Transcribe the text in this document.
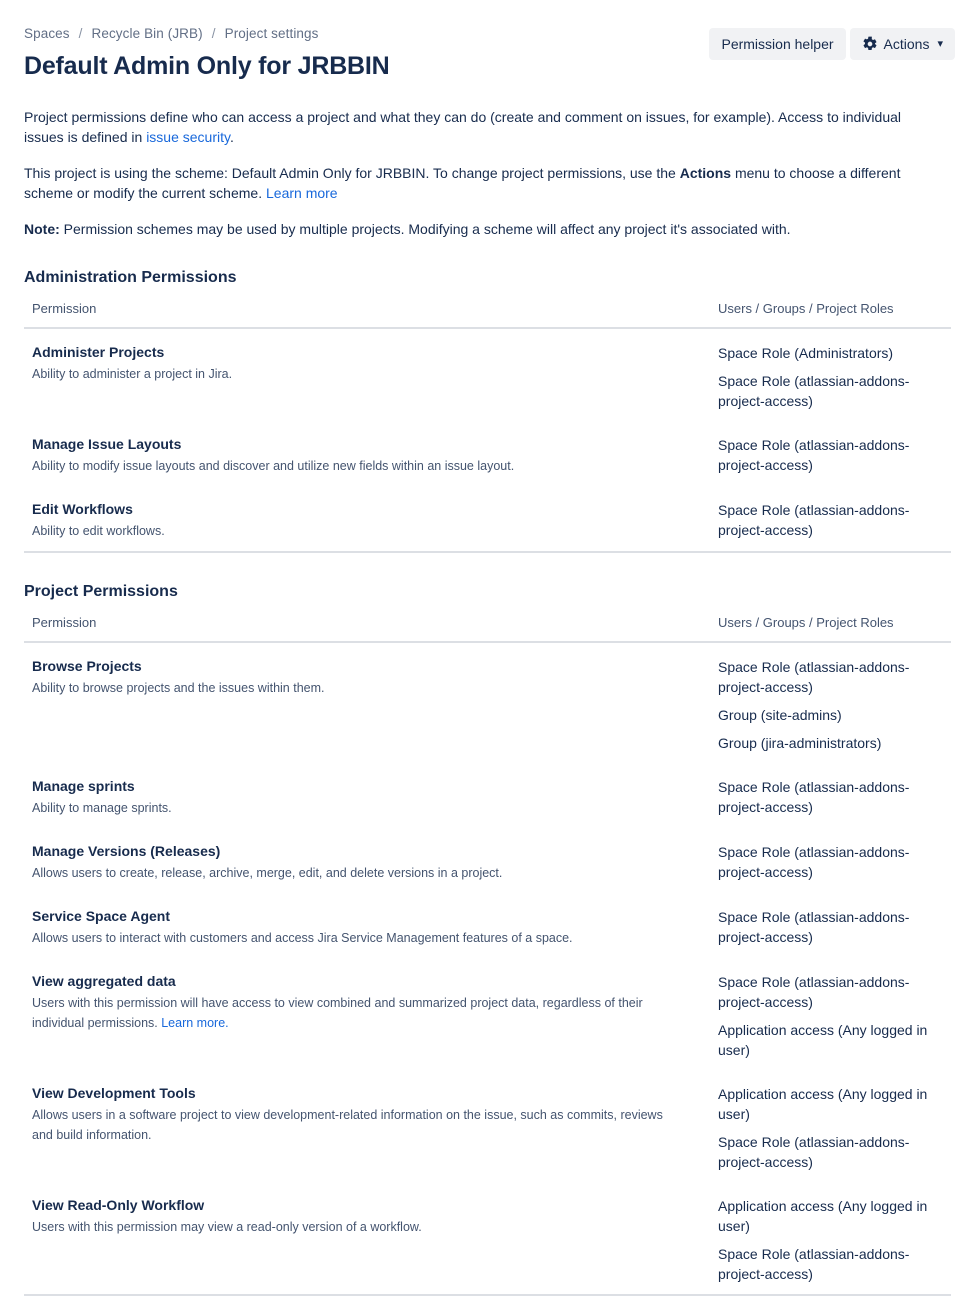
Spaces / Recycle Bin (JRB) / Project settings
Default Admin Only for JRBBIN
Permission helper	Actions ▾

Project permissions define who can access a project and what they can do (create and comment on issues, for example). Access to individual issues is defined in issue security.

This project is using the scheme: Default Admin Only for JRBBIN. To change project permissions, use the Actions menu to choose a different scheme or modify the current scheme. Learn more

Note: Permission schemes may be used by multiple projects. Modifying a scheme will affect any project it's associated with.

Administration Permissions
Permission	Users / Groups / Project Roles

Administer Projects
Ability to administer a project in Jira.

Space Role (Administrators)
Space Role (atlassian-addons-project-access)

Manage Issue Layouts
Ability to modify issue layouts and discover and utilize new fields within an issue layout.

Space Role (atlassian-addons-project-access)

Edit Workflows
Ability to edit workflows.

Space Role (atlassian-addons-project-access)
Project Permissions
Permission	Users / Groups / Project Roles

Browse Projects
Ability to browse projects and the issues within them.

Space Role (atlassian-addons-project-access)
Group (site-admins)
Group (jira-administrators)

Manage sprints
Ability to manage sprints.

Space Role (atlassian-addons-project-access)

Manage Versions (Releases)
Allows users to create, release, archive, merge, edit, and delete versions in a project.

Space Role (atlassian-addons-project-access)

Service Space Agent
Allows users to interact with customers and access Jira Service Management features of a space.

Space Role (atlassian-addons-project-access)

View aggregated data
Users with this permission will have access to view combined and summarized project data, regardless of their individual permissions. Learn more.

Space Role (atlassian-addons-project-access)
Application access (Any logged in user)

View Development Tools
Allows users in a software project to view development-related information on the issue, such as commits, reviews and build information.

Application access (Any logged in user)
Space Role (atlassian-addons-project-access)

View Read-Only Workflow
Users with this permission may view a read-only version of a workflow.

Application access (Any logged in user)
Space Role (atlassian-addons-project-access)
